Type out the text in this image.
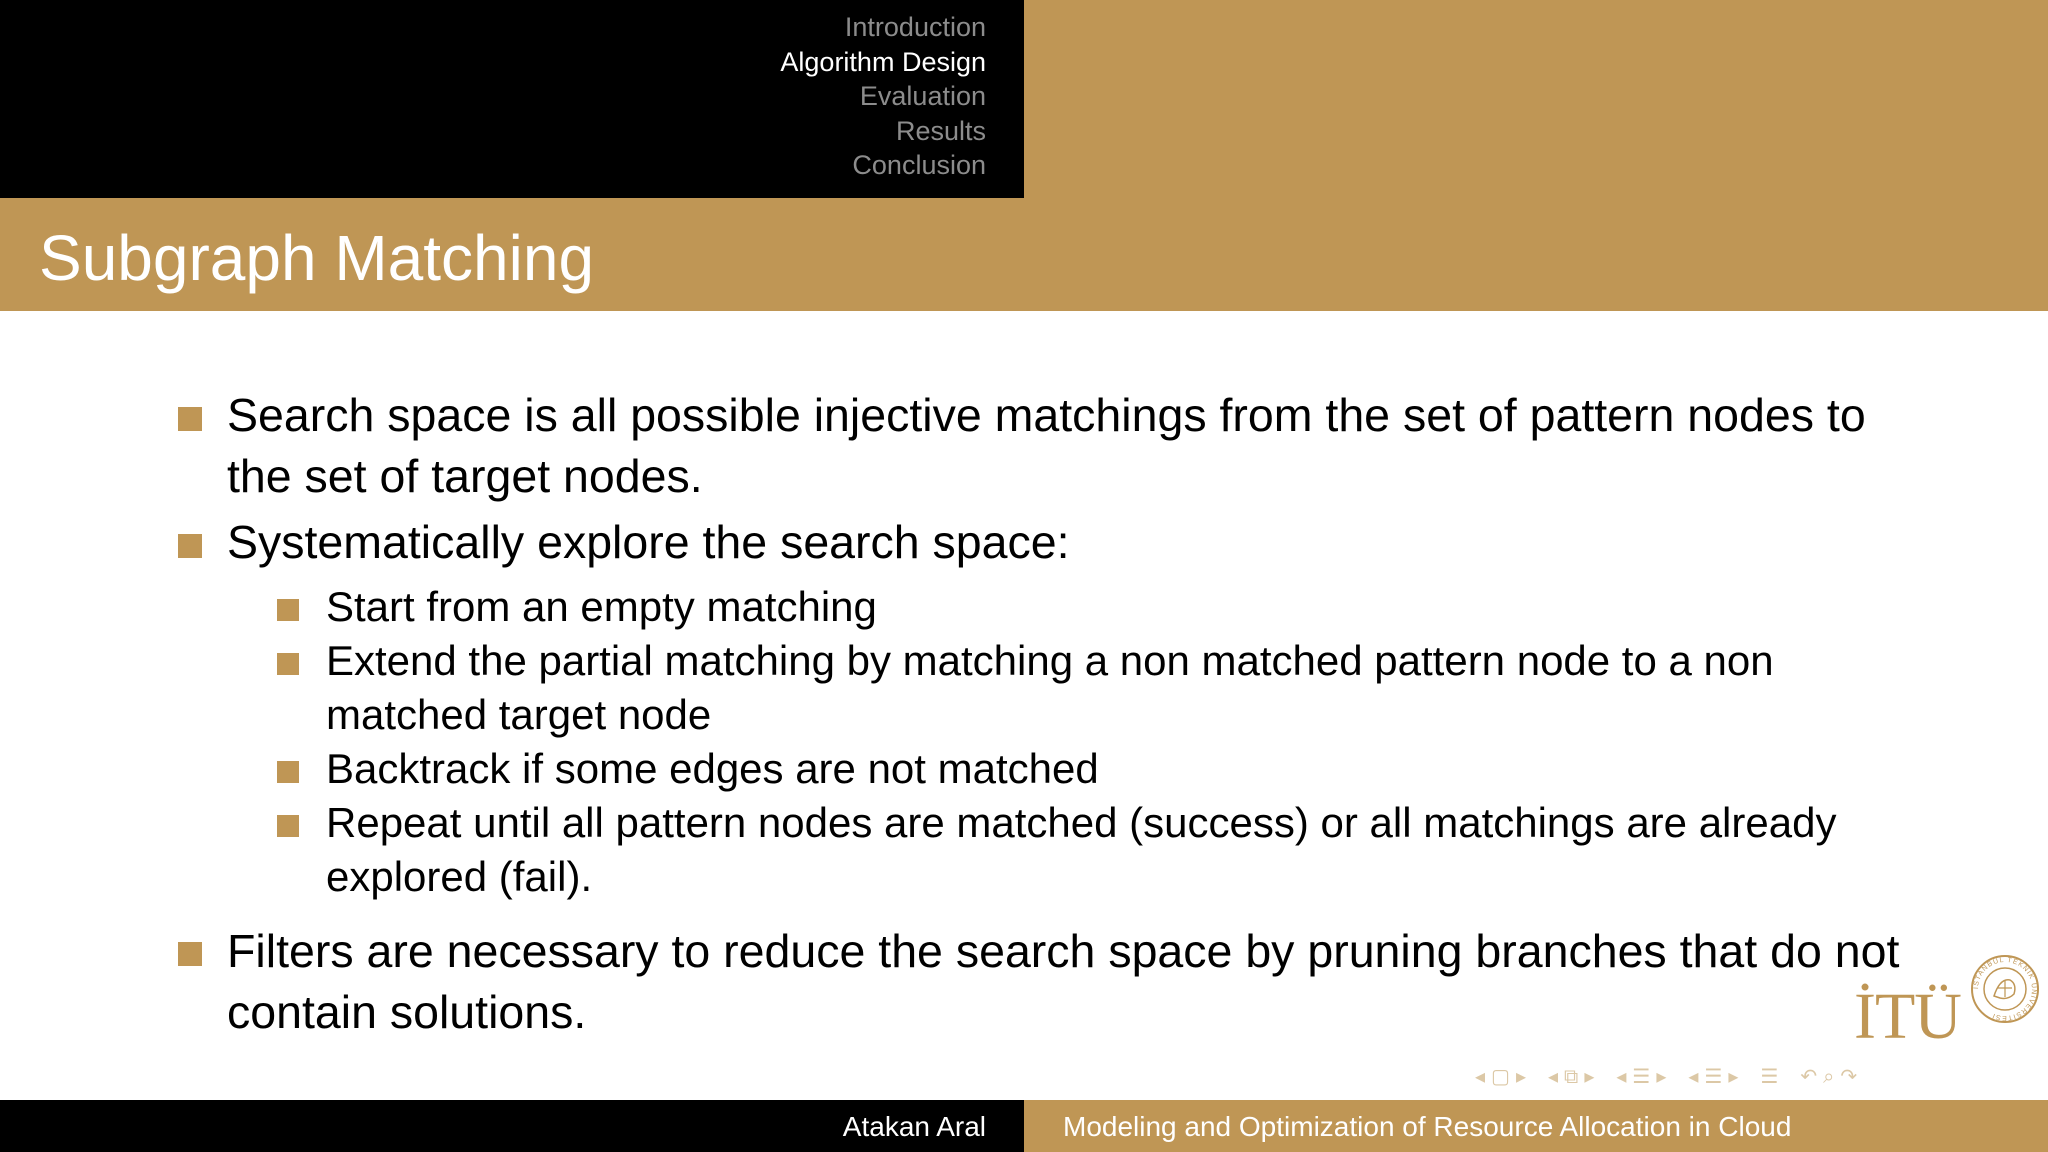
Introduction
Algorithm Design
Evaluation
Results
Conclusion
Subgraph Matching
Search space is all possible injective matchings from the set of pattern nodes to the set of target nodes.
Systematically explore the search space:
Start from an empty matching
Extend the partial matching by matching a non matched pattern node to a non matched target node
Backtrack if some edges are not matched
Repeat until all pattern nodes are matched (success) or all matchings are already explored (fail).
Filters are necessary to reduce the search space by pruning branches that do not contain solutions.	İTÜ İSTANBUL TEKNİK ÜNİVERSİTESİ
◂ ▢ ▸ ◂ ⧉ ▸ ◂ ☰ ▸ ◂ ☰ ▸ ☰ ↶ ⌕ ↷
Atakan Aral	Modeling and Optimization of Resource Allocation in Cloud
